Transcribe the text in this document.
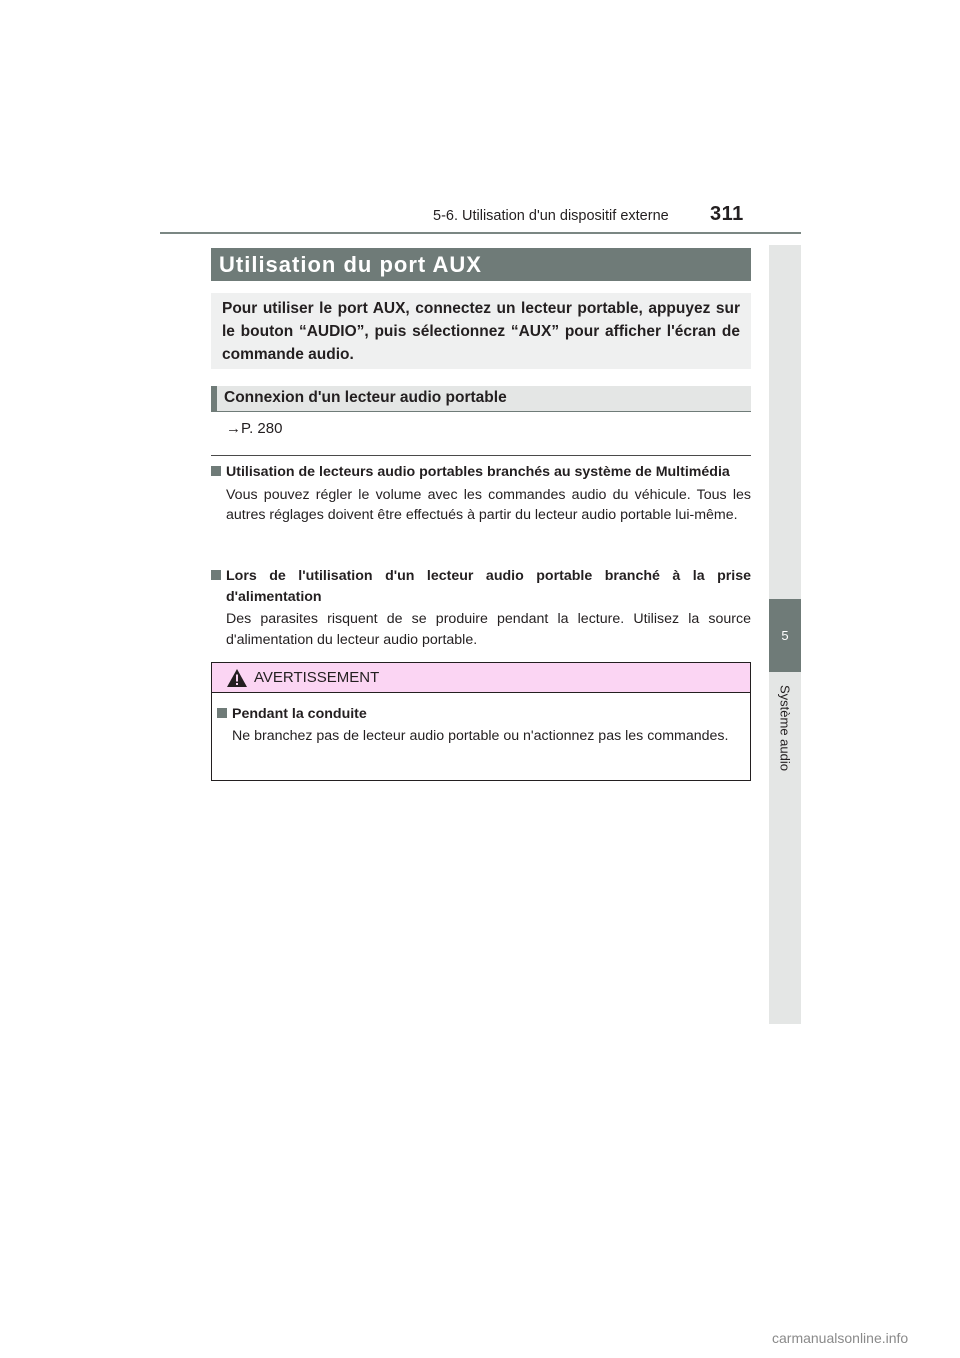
5-6. Utilisation d'un dispositif externe 311
5
Système audio
Utilisation du port AUX
Pour utiliser le port AUX, connectez un lecteur portable, appuyez sur le bouton “AUDIO”, puis sélectionnez “AUX” pour afficher l'écran de commande audio.
Connexion d'un lecteur audio portable
→P. 280
Utilisation de lecteurs audio portables branchés au système de Multimédia
Vous pouvez régler le volume avec les commandes audio du véhicule. Tous les autres réglages doivent être effectués à partir du lecteur audio portable lui-même.
Lors de l'utilisation d'un lecteur audio portable branché à la prise d'alimentation
Des parasites risquent de se produire pendant la lecture. Utilisez la source d'alimentation du lecteur audio portable.
AVERTISSEMENT
Pendant la conduite
Ne branchez pas de lecteur audio portable ou n'actionnez pas les commandes.
carmanualsonline.info
